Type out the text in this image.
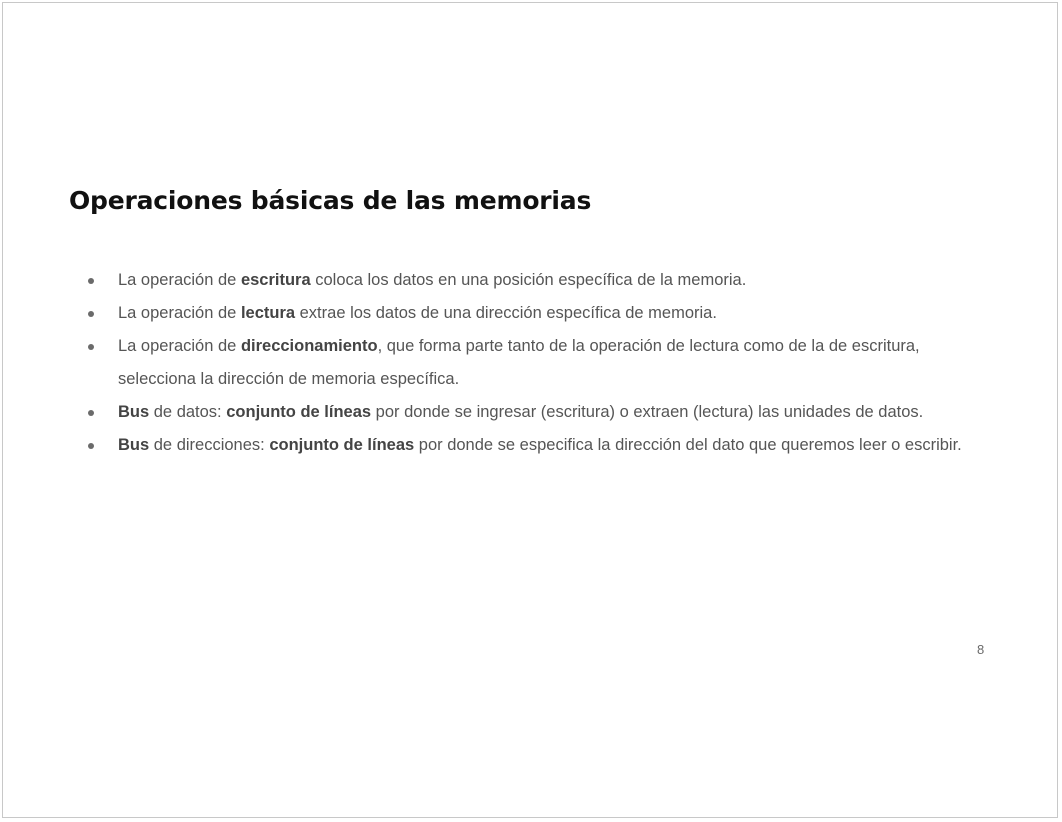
Operaciones básicas de las memorias
La operación de escritura coloca los datos en una posición específica de la memoria.
La operación de lectura extrae los datos de una dirección específica de memoria.
La operación de direccionamiento, que forma parte tanto de la operación de lectura como de la de escritura, selecciona la dirección de memoria específica.
Bus de datos: conjunto de líneas por donde se ingresar (escritura) o extraen (lectura) las unidades de datos.
Bus de direcciones: conjunto de líneas por donde se especifica la dirección del dato que queremos leer o escribir.
8
